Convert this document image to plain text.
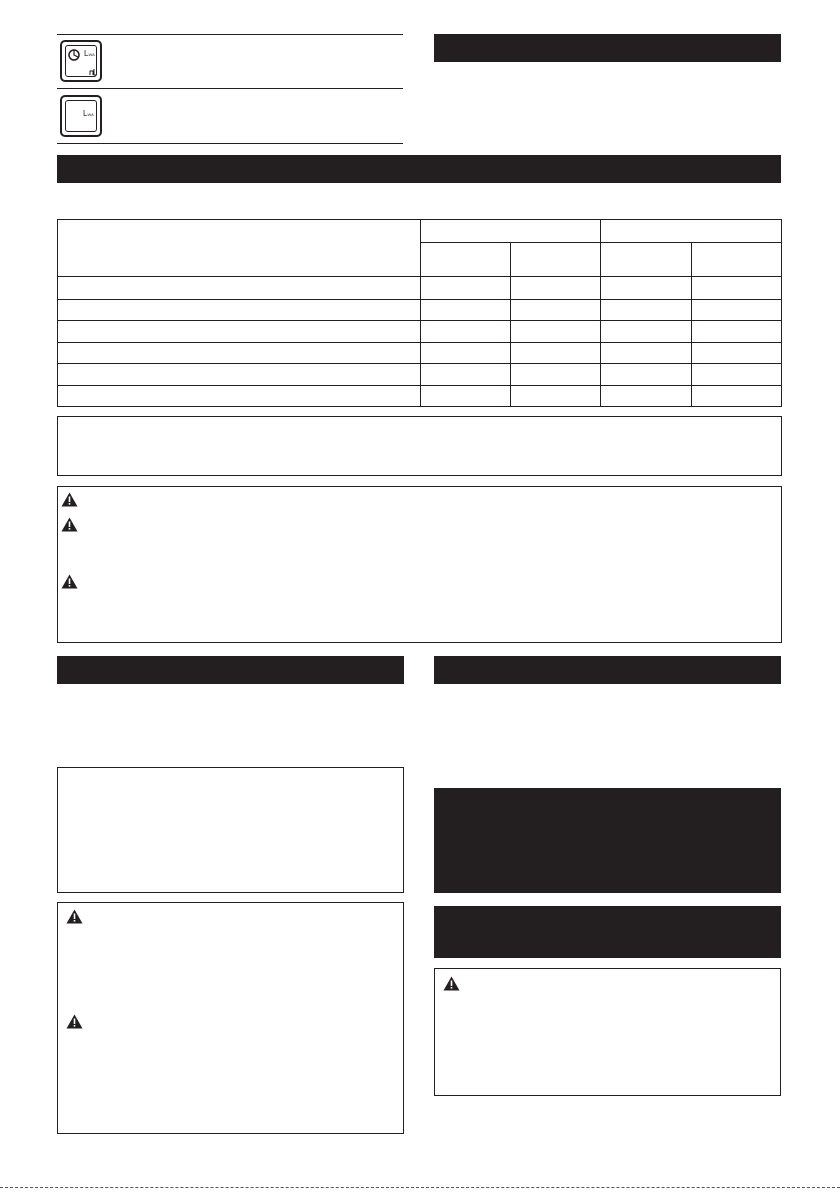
LWA
LWA
